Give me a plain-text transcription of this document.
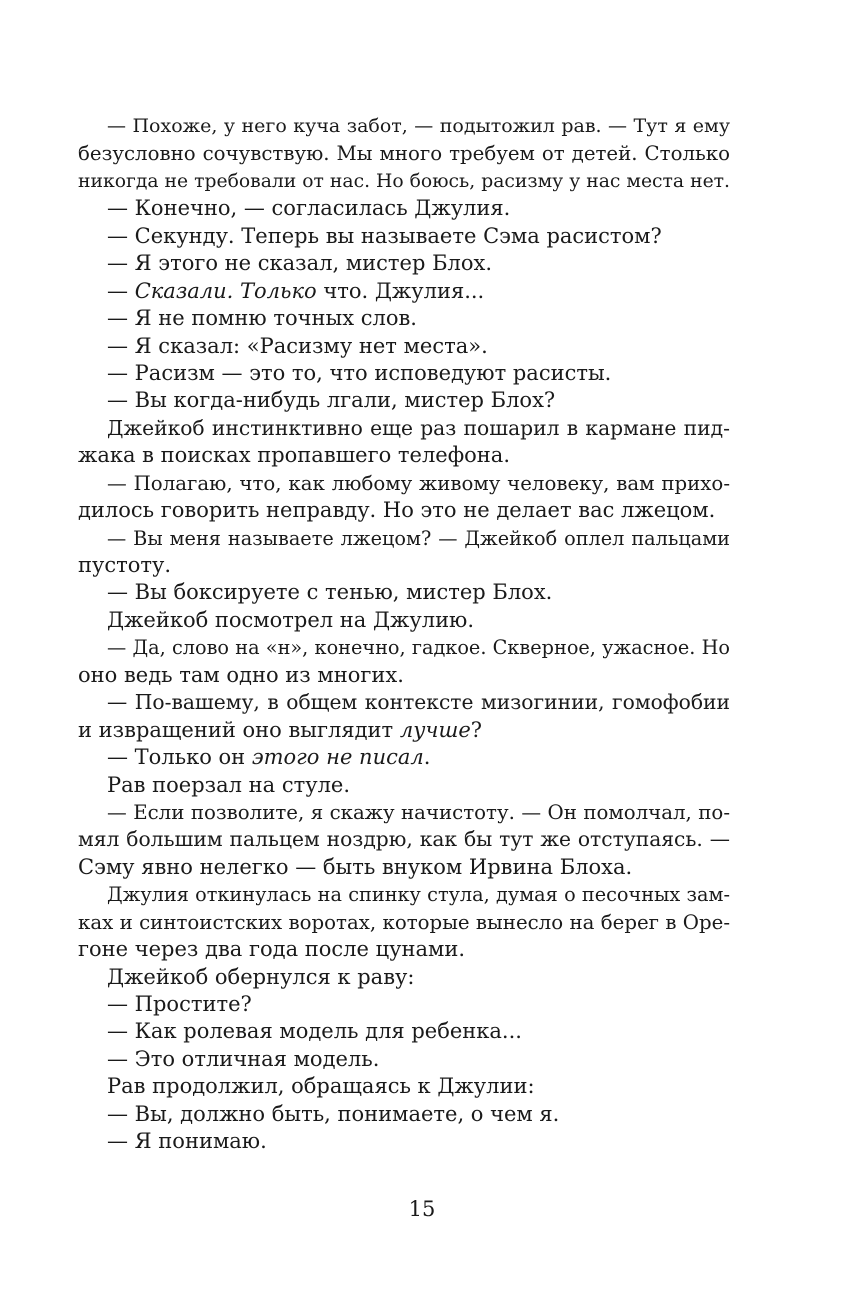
— Похоже, у него куча забот, — подытожил рав. — Тут я ему
безусловно сочувствую. Мы много требуем от детей. Столько
никогда не требовали от нас. Но боюсь, расизму у нас места нет.
— Конечно, — согласилась Джулия.
— Секунду. Теперь вы называете Сэма расистом?
— Я этого не сказал, мистер Блох.
— Сказали. Только что. Джулия...
— Я не помню точных слов.
— Я сказал: «Расизму нет места».
— Расизм — это то, что исповедуют расисты.
— Вы когда-нибудь лгали, мистер Блох?
Джейкоб инстинктивно еще раз пошарил в кармане пид-
жака в поисках пропавшего телефона.
— Полагаю, что, как любому живому человеку, вам прихо-
дилось говорить неправду. Но это не делает вас лжецом.
— Вы меня называете лжецом? — Джейкоб оплел пальцами
пустоту.
— Вы боксируете с тенью, мистер Блох.
Джейкоб посмотрел на Джулию.
— Да, слово на «н», конечно, гадкое. Скверное, ужасное. Но
оно ведь там одно из многих.
— По-вашему, в общем контексте мизогинии, гомофобии
и извращений оно выглядит лучше?
— Только он этого не писал.
Рав поерзал на стуле.
— Если позволите, я скажу начистоту. — Он помолчал, по-
мял большим пальцем ноздрю, как бы тут же отступаясь. —
Сэму явно нелегко — быть внуком Ирвина Блоха.
Джулия откинулась на спинку стула, думая о песочных зам-
ках и синтоистских воротах, которые вынесло на берег в Оре-
гоне через два года после цунами.
Джейкоб обернулся к раву:
— Простите?
— Как ролевая модель для ребенка...
— Это отличная модель.
Рав продолжил, обращаясь к Джулии:
— Вы, должно быть, понимаете, о чем я.
— Я понимаю.
15
